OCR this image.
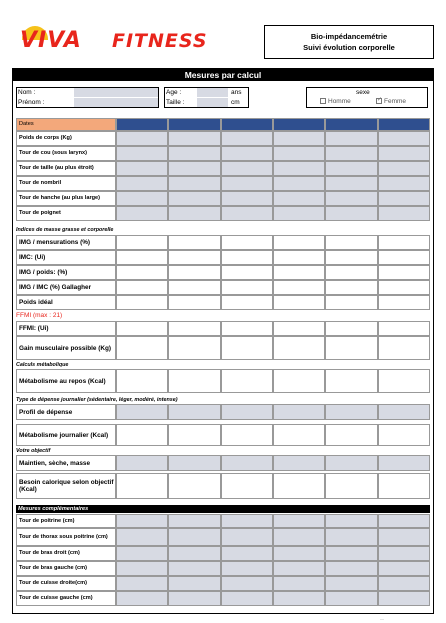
VIVA FITNESS	Bio-impédancemétrie
Suivi évolution corporelle
Mesures par calcul
Nom :
Prénom :
Age :	ans
Taille :	cm
sexe
Homme	✓ Femme
Dates
Poids de corps (Kg)
Tour de cou (sous larynx)
Tour de taille (au plus étroit)
Tour de nombril
Tour de hanche (au plus large)
Tour de poignet
Indices de masse grasse et corporelle
IMG / mensurations (%)
IMC: (Ui)
IMG / poids: (%)
IMG / IMC (%) Gallagher
Poids idéal
FFMI (max : 21)
FFMI: (Ui)
Gain musculaire possible (Kg)
Calculs métabolique
Métabolisme au repos (Kcal)
Type de dépense journalier (sédentaire, léger, modéré, intense)
Profil de dépense
Métabolisme journalier (Kcal)
Votre objectif
Maintien, sèche, masse
Besoin calorique selon objectif (Kcal)
Mesures complémentaires
Tour de poitrine (cm)
Tour de thorax sous poitrine (cm)
Tour de bras droit (cm)
Tour de bras gauche (cm)
Tour de cuisse droite(cm)
Tour de cuisse gauche (cm)
—
